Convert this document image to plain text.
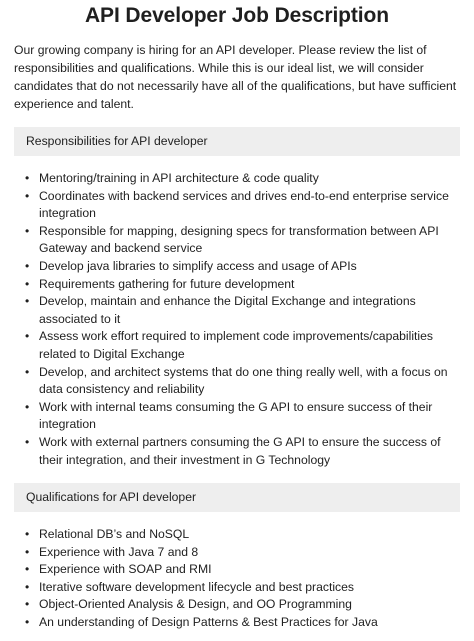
API Developer Job Description

Our growing company is hiring for an API developer. Please review the list of responsibilities and qualifications. While this is our ideal list, we will consider candidates that do not necessarily have all of the qualifications, but have sufficient experience and talent.

Responsibilities for API developer
• Mentoring/training in API architecture & code quality
• Coordinates with backend services and drives end-to-end enterprise service integration
• Responsible for mapping, designing specs for transformation between API Gateway and backend service
• Develop java libraries to simplify access and usage of APIs
• Requirements gathering for future development
• Develop, maintain and enhance the Digital Exchange and integrations associated to it
• Assess work effort required to implement code improvements/capabilities related to Digital Exchange
• Develop, and architect systems that do one thing really well, with a focus on data consistency and reliability
• Work with internal teams consuming the G API to ensure success of their integration
• Work with external partners consuming the G API to ensure the success of their integration, and their investment in G Technology
Qualifications for API developer
• Relational DB’s and NoSQL
• Experience with Java 7 and 8
• Experience with SOAP and RMI
• Iterative software development lifecycle and best practices
• Object-Oriented Analysis & Design, and OO Programming
• An understanding of Design Patterns & Best Practices for Java
